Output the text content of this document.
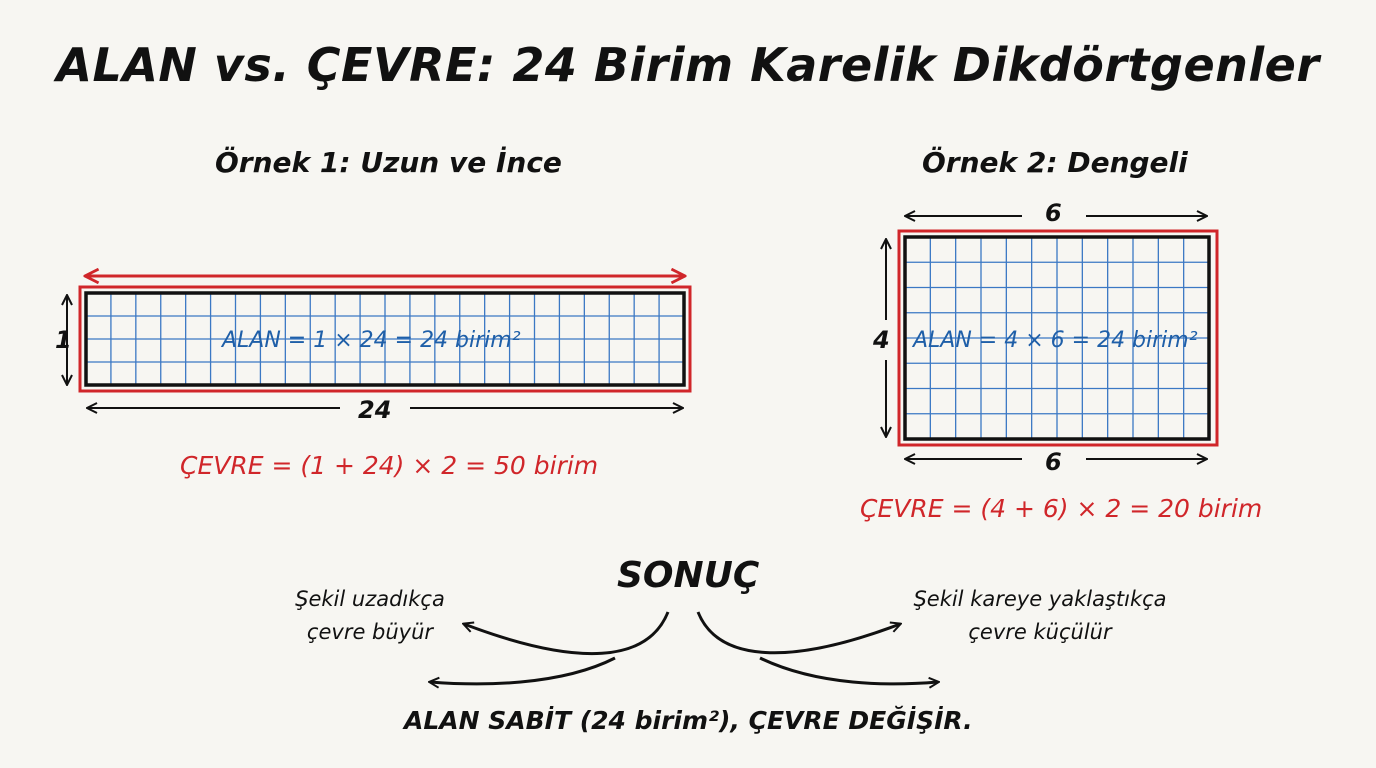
ALAN vs. ÇEVRE: 24 Birim Karelik Dikdörtgenler
Örnek 1: Uzun ve İnce
ALAN = 1 × 24 = 24 birim²
24
1
ÇEVRE = (1 + 24) × 2 = 50 birim
Örnek 2: Dengeli
6
6
4 ALAN = 4 × 6 = 24 birim²
ÇEVRE = (4 + 6) × 2 = 20 birim
SONUÇ
Şekil uzadıkça
çevre büyür
Şekil kareye yaklaştıkça
çevre küçülür
ALAN SABİT (24 birim²), ÇEVRE DEĞİŞİR.
